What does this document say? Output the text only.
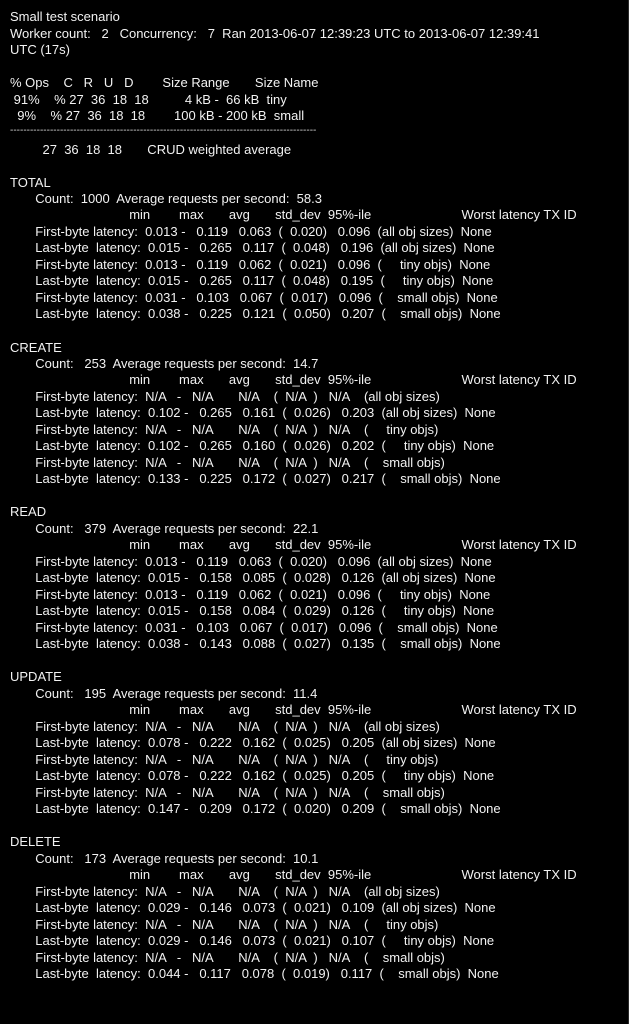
Small test scenario
Worker count:   2   Concurrency:   7  Ran 2013-06-07 12:39:23 UTC to 2013-06-07 12:39:41
UTC (17s)
% Ops    C   R   U   D        Size Range       Size Name
91%    % 27  36  18  18          4 kB -  66 kB  tiny
9%    % 27  36  18  18        100 kB - 200 kB  small
--------------------------------------------------------------------------------------------
27  36  18  18       CRUD weighted average
TOTAL
Count:  1000  Average requests per second:  58.3
min        max       avg       std_dev  95%-ile                         Worst latency TX ID
First-byte latency:  0.013 -   0.119   0.063  (  0.020)   0.096  (all obj sizes)  None
Last-byte  latency:  0.015 -   0.265   0.117  (  0.048)   0.196  (all obj sizes)  None
First-byte latency:  0.013 -   0.119   0.062  (  0.021)   0.096  (     tiny objs)  None
Last-byte  latency:  0.015 -   0.265   0.117  (  0.048)   0.195  (     tiny objs)  None
First-byte latency:  0.031 -   0.103   0.067  (  0.017)   0.096  (    small objs)  None
Last-byte  latency:  0.038 -   0.225   0.121  (  0.050)   0.207  (    small objs)  None
CREATE
Count:   253  Average requests per second:  14.7
min        max       avg       std_dev  95%-ile                         Worst latency TX ID
First-byte latency:  N/A   -   N/A       N/A    (  N/A  )   N/A    (all obj sizes)
Last-byte  latency:  0.102 -   0.265   0.161  (  0.026)   0.203  (all obj sizes)  None
First-byte latency:  N/A   -   N/A       N/A    (  N/A  )   N/A    (     tiny objs)
Last-byte  latency:  0.102 -   0.265   0.160  (  0.026)   0.202  (     tiny objs)  None
First-byte latency:  N/A   -   N/A       N/A    (  N/A  )   N/A    (    small objs)
Last-byte  latency:  0.133 -   0.225   0.172  (  0.027)   0.217  (    small objs)  None
READ
Count:   379  Average requests per second:  22.1
min        max       avg       std_dev  95%-ile                         Worst latency TX ID
First-byte latency:  0.013 -   0.119   0.063  (  0.020)   0.096  (all obj sizes)  None
Last-byte  latency:  0.015 -   0.158   0.085  (  0.028)   0.126  (all obj sizes)  None
First-byte latency:  0.013 -   0.119   0.062  (  0.021)   0.096  (     tiny objs)  None
Last-byte  latency:  0.015 -   0.158   0.084  (  0.029)   0.126  (     tiny objs)  None
First-byte latency:  0.031 -   0.103   0.067  (  0.017)   0.096  (    small objs)  None
Last-byte  latency:  0.038 -   0.143   0.088  (  0.027)   0.135  (    small objs)  None
UPDATE
Count:   195  Average requests per second:  11.4
min        max       avg       std_dev  95%-ile                         Worst latency TX ID
First-byte latency:  N/A   -   N/A       N/A    (  N/A  )   N/A    (all obj sizes)
Last-byte  latency:  0.078 -   0.222   0.162  (  0.025)   0.205  (all obj sizes)  None
First-byte latency:  N/A   -   N/A       N/A    (  N/A  )   N/A    (     tiny objs)
Last-byte  latency:  0.078 -   0.222   0.162  (  0.025)   0.205  (     tiny objs)  None
First-byte latency:  N/A   -   N/A       N/A    (  N/A  )   N/A    (    small objs)
Last-byte  latency:  0.147 -   0.209   0.172  (  0.020)   0.209  (    small objs)  None
DELETE
Count:   173  Average requests per second:  10.1
min        max       avg       std_dev  95%-ile                         Worst latency TX ID
First-byte latency:  N/A   -   N/A       N/A    (  N/A  )   N/A    (all obj sizes)
Last-byte  latency:  0.029 -   0.146   0.073  (  0.021)   0.109  (all obj sizes)  None
First-byte latency:  N/A   -   N/A       N/A    (  N/A  )   N/A    (     tiny objs)
Last-byte  latency:  0.029 -   0.146   0.073  (  0.021)   0.107  (     tiny objs)  None
First-byte latency:  N/A   -   N/A       N/A    (  N/A  )   N/A    (    small objs)
Last-byte  latency:  0.044 -   0.117   0.078  (  0.019)   0.117  (    small objs)  None
